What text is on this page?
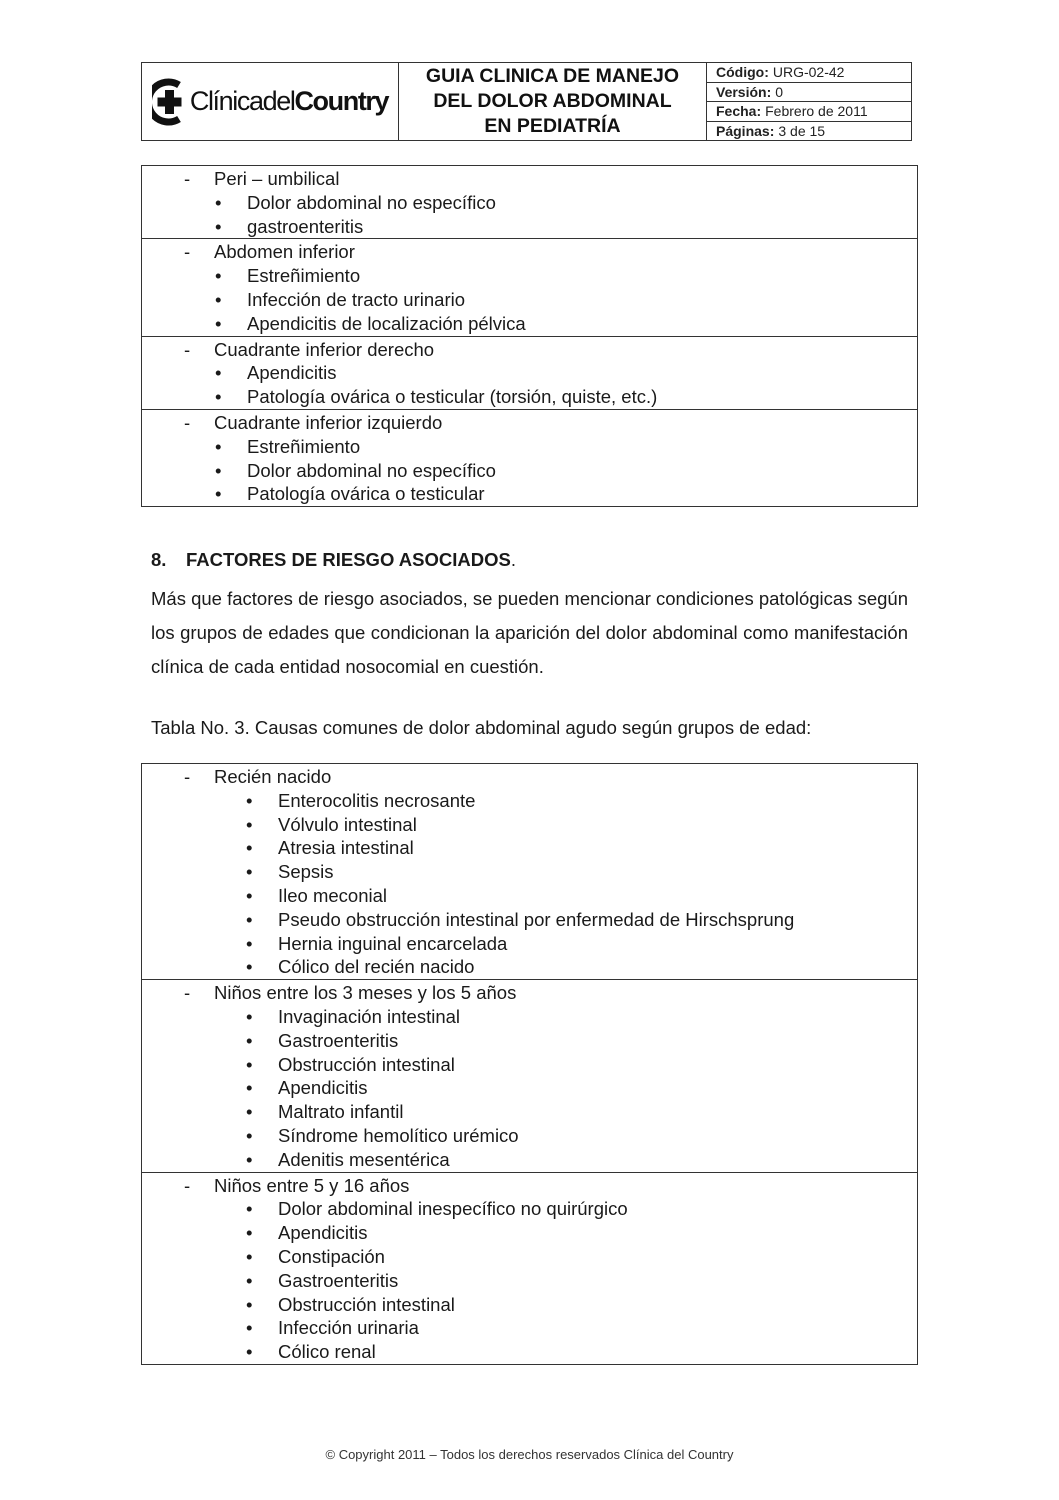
ClínicadelCountry
GUIA CLINICA DE MANEJO
DEL DOLOR ABDOMINAL
EN PEDIATRÍA
Código: URG-02-42
Versión: 0
Fecha: Febrero de 2011
Páginas: 3 de 15
- Peri – umbilical
•	Dolor abdominal no específico
•	gastroenteritis
- Abdomen inferior
•	Estreñimiento
•	Infección de tracto urinario
•	Apendicitis de localización pélvica
- Cuadrante inferior derecho
•	Apendicitis
•	Patología ovárica o testicular (torsión, quiste, etc.)
- Cuadrante inferior izquierdo
•	Estreñimiento
•	Dolor abdominal no específico
•	Patología ovárica o testicular
8. FACTORES DE RIESGO ASOCIADOS.
Más que factores de riesgo asociados, se pueden mencionar condiciones patológicas según los grupos de edades que condicionan la aparición del dolor abdominal como manifestación clínica de cada entidad nosocomial en cuestión.
Tabla No. 3. Causas comunes de dolor abdominal agudo según grupos de edad:
- Recién nacido
•	Enterocolitis necrosante
•	Vólvulo intestinal
•	Atresia intestinal
•	Sepsis
•	Ileo meconial
•	Pseudo obstrucción intestinal por enfermedad de Hirschsprung
•	Hernia inguinal encarcelada
•	Cólico del recién nacido
- Niños entre los 3 meses y los 5 años
•	Invaginación intestinal
•	Gastroenteritis
•	Obstrucción intestinal
•	Apendicitis
•	Maltrato infantil
•	Síndrome hemolítico urémico
•	Adenitis mesentérica
- Niños entre 5 y 16 años
•	Dolor abdominal inespecífico no quirúrgico
•	Apendicitis
•	Constipación
•	Gastroenteritis
•	Obstrucción intestinal
•	Infección urinaria
•	Cólico renal
© Copyright 2011 – Todos los derechos reservados Clínica del Country
